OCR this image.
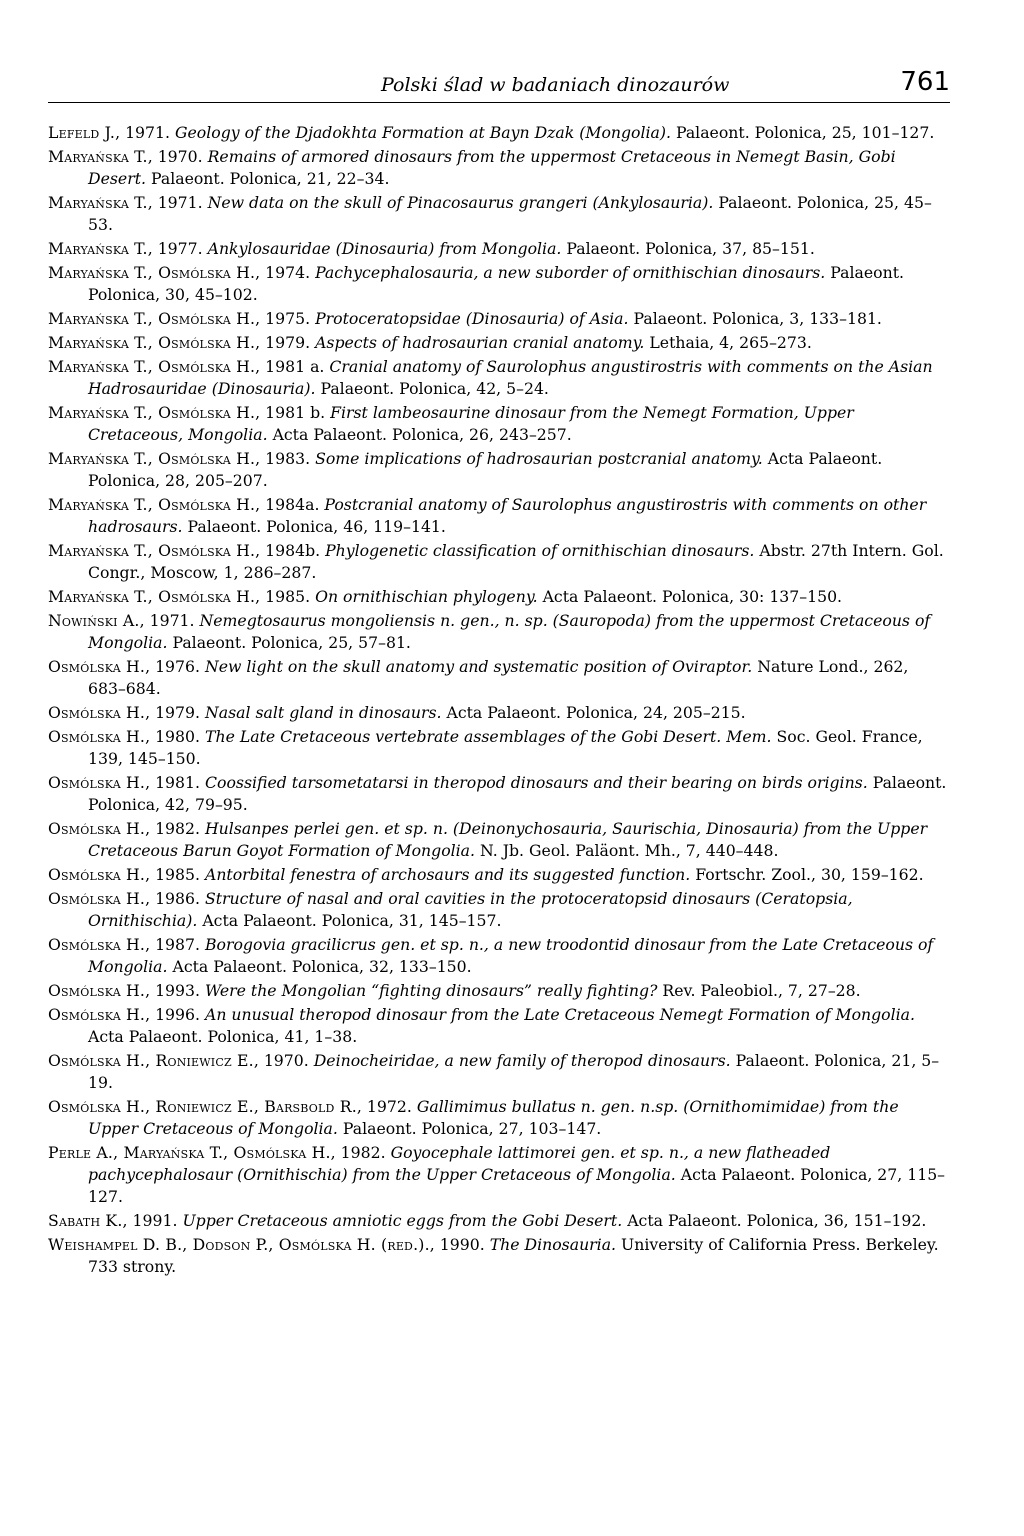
Polski ślad w badaniach dinozaurów	761
Lefeld J., 1971. Geology of the Djadokhta Formation at Bayn Dzak (Mongolia). Palaeont. Polonica, 25, 101–127.
Maryańska T., 1970. Remains of armored dinosaurs from the uppermost Cretaceous in Nemegt Basin, Gobi Desert. Palaeont. Polonica, 21, 22–34.
Maryańska T., 1971. New data on the skull of Pinacosaurus grangeri (Ankylosauria). Palaeont. Polonica, 25, 45–53.
Maryańska T., 1977. Ankylosauridae (Dinosauria) from Mongolia. Palaeont. Polonica, 37, 85–151.
Maryańska T., Osmólska H., 1974. Pachycephalosauria, a new suborder of ornithischian dinosaurs. Palaeont. Polonica, 30, 45–102.
Maryańska T., Osmólska H., 1975. Protoceratopsidae (Dinosauria) of Asia. Palaeont. Polonica, 3, 133–181.
Maryańska T., Osmólska H., 1979. Aspects of hadrosaurian cranial anatomy. Lethaia, 4, 265–273.
Maryańska T., Osmólska H., 1981 a. Cranial anatomy of Saurolophus angustirostris with comments on the Asian Hadrosauridae (Dinosauria). Palaeont. Polonica, 42, 5–24.
Maryańska T., Osmólska H., 1981 b. First lambeosaurine dinosaur from the Nemegt Formation, Upper Cretaceous, Mongolia. Acta Palaeont. Polonica, 26, 243–257.
Maryańska T., Osmólska H., 1983. Some implications of hadrosaurian postcranial anatomy. Acta Palaeont. Polonica, 28, 205–207.
Maryańska T., Osmólska H., 1984a. Postcranial anatomy of Saurolophus angustirostris with comments on other hadrosaurs. Palaeont. Polonica, 46, 119–141.
Maryańska T., Osmólska H., 1984b. Phylogenetic classification of ornithischian dinosaurs. Abstr. 27th Intern. Gol. Congr., Moscow, 1, 286–287.
Maryańska T., Osmólska H., 1985. On ornithischian phylogeny. Acta Palaeont. Polonica, 30: 137–150.
Nowiński A., 1971. Nemegtosaurus mongoliensis n. gen., n. sp. (Sauropoda) from the uppermost Cretaceous of Mongolia. Palaeont. Polonica, 25, 57–81.
Osmólska H., 1976. New light on the skull anatomy and systematic position of Oviraptor. Nature Lond., 262, 683–684.
Osmólska H., 1979. Nasal salt gland in dinosaurs. Acta Palaeont. Polonica, 24, 205–215.
Osmólska H., 1980. The Late Cretaceous vertebrate assemblages of the Gobi Desert. Mem. Soc. Geol. France, 139, 145–150.
Osmólska H., 1981. Coossified tarsometatarsi in theropod dinosaurs and their bearing on birds origins. Palaeont. Polonica, 42, 79–95.
Osmólska H., 1982. Hulsanpes perlei gen. et sp. n. (Deinonychosauria, Saurischia, Dinosauria) from the Upper Cretaceous Barun Goyot Formation of Mongolia. N. Jb. Geol. Paläont. Mh., 7, 440–448.
Osmólska H., 1985. Antorbital fenestra of archosaurs and its suggested function. Fortschr. Zool., 30, 159–162.
Osmólska H., 1986. Structure of nasal and oral cavities in the protoceratopsid dinosaurs (Ceratopsia, Ornithischia). Acta Palaeont. Polonica, 31, 145–157.
Osmólska H., 1987. Borogovia gracilicrus gen. et sp. n., a new troodontid dinosaur from the Late Cretaceous of Mongolia. Acta Palaeont. Polonica, 32, 133–150.
Osmólska H., 1993. Were the Mongolian “fighting dinosaurs” really fighting? Rev. Paleobiol., 7, 27–28.
Osmólska H., 1996. An unusual theropod dinosaur from the Late Cretaceous Nemegt Formation of Mongolia. Acta Palaeont. Polonica, 41, 1–38.
Osmólska H., Roniewicz E., 1970. Deinocheiridae, a new family of theropod dinosaurs. Palaeont. Polonica, 21, 5–19.
Osmólska H., Roniewicz E., Barsbold R., 1972. Gallimimus bullatus n. gen. n.sp. (Ornithomimidae) from the Upper Cretaceous of Mongolia. Palaeont. Polonica, 27, 103–147.
Perle A., Maryańska T., Osmólska H., 1982. Goyocephale lattimorei gen. et sp. n., a new flatheaded pachycephalosaur (Ornithischia) from the Upper Cretaceous of Mongolia. Acta Palaeont. Polonica, 27, 115–127.
Sabath K., 1991. Upper Cretaceous amniotic eggs from the Gobi Desert. Acta Palaeont. Polonica, 36, 151–192.
Weishampel D. B., Dodson P., Osmólska H. (red.)., 1990. The Dinosauria. University of California Press. Berkeley. 733 strony.
